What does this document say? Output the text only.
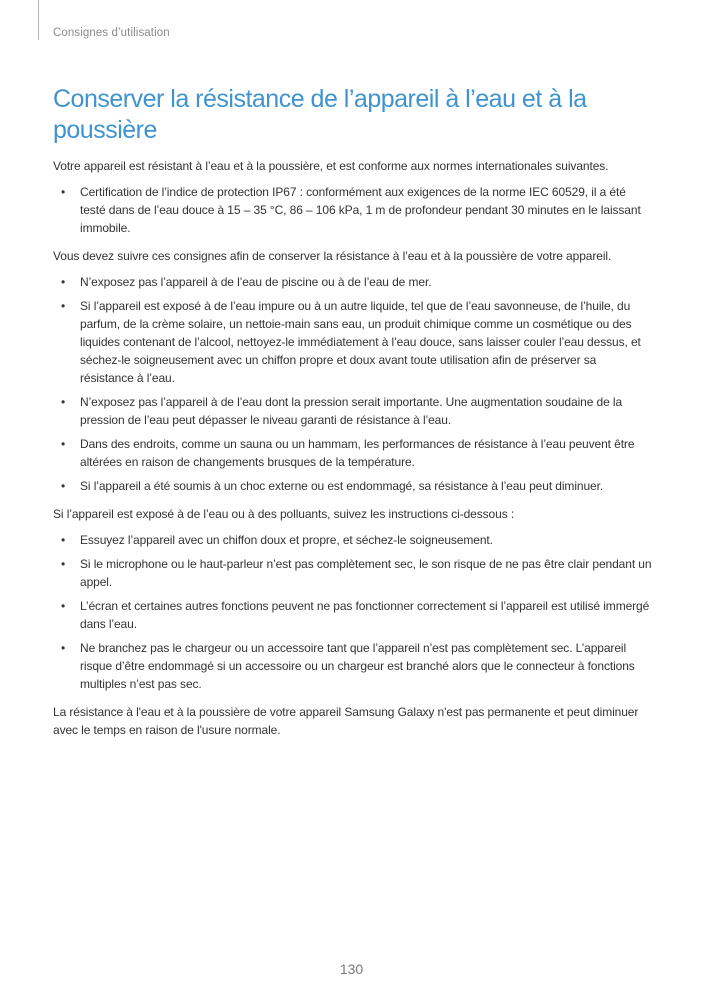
Consignes d’utilisation
Conserver la résistance de l’appareil à l’eau et à la poussière

Votre appareil est résistant à l’eau et à la poussière, et est conforme aux normes internationales suivantes.

• Certification de l’indice de protection IP67 : conformément aux exigences de la norme IEC 60529, il a été testé dans de l’eau douce à 15 – 35 °C, 86 – 106 kPa, 1 m de profondeur pendant 30 minutes en le laissant immobile.

Vous devez suivre ces consignes afin de conserver la résistance à l’eau et à la poussière de votre appareil.

• N’exposez pas l’appareil à de l’eau de piscine ou à de l’eau de mer.
• Si l’appareil est exposé à de l’eau impure ou à un autre liquide, tel que de l’eau savonneuse, de l’huile, du parfum, de la crème solaire, un nettoie-main sans eau, un produit chimique comme un cosmétique ou des liquides contenant de l’alcool, nettoyez-le immédiatement à l’eau douce, sans laisser couler l’eau dessus, et séchez-le soigneusement avec un chiffon propre et doux avant toute utilisation afin de préserver sa résistance à l’eau.
• N’exposez pas l’appareil à de l’eau dont la pression serait importante. Une augmentation soudaine de la pression de l’eau peut dépasser le niveau garanti de résistance à l’eau.
• Dans des endroits, comme un sauna ou un hammam, les performances de résistance à l’eau peuvent être altérées en raison de changements brusques de la température.
• Si l’appareil a été soumis à un choc externe ou est endommagé, sa résistance à l’eau peut diminuer.

Si l’appareil est exposé à de l’eau ou à des polluants, suivez les instructions ci-dessous :

• Essuyez l’appareil avec un chiffon doux et propre, et séchez-le soigneusement.
• Si le microphone ou le haut-parleur n’est pas complètement sec, le son risque de ne pas être clair pendant un appel.
• L’écran et certaines autres fonctions peuvent ne pas fonctionner correctement si l’appareil est utilisé immergé dans l’eau.
• Ne branchez pas le chargeur ou un accessoire tant que l’appareil n’est pas complètement sec. L’appareil risque d’être endommagé si un accessoire ou un chargeur est branché alors que le connecteur à fonctions multiples n’est pas sec.

La résistance à l'eau et à la poussière de votre appareil Samsung Galaxy n'est pas permanente et peut diminuer avec le temps en raison de l'usure normale.

130
